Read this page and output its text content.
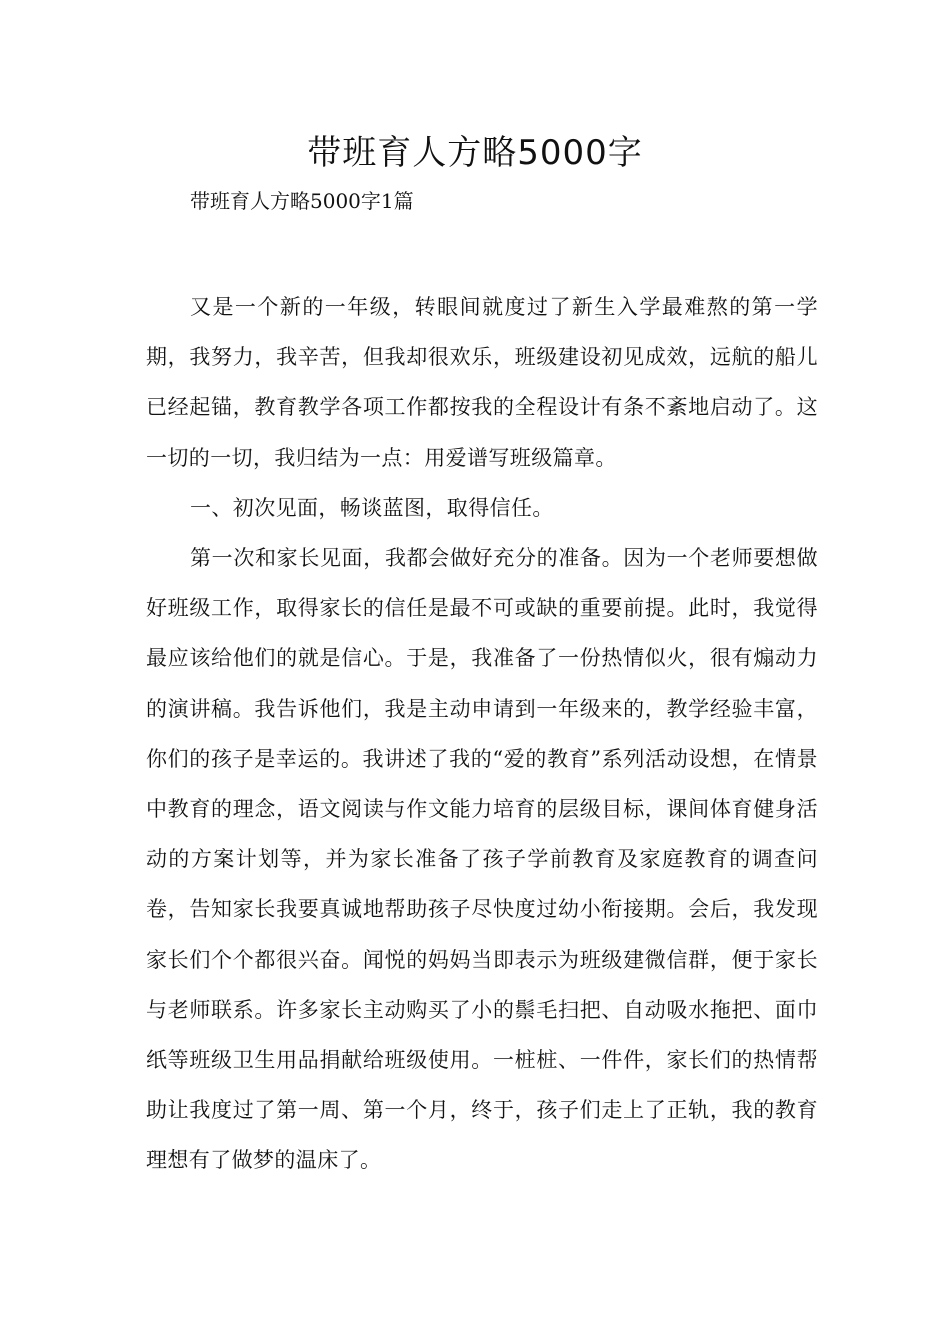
带班育人方略5000字

带班育人方略5000字1篇

又是一个新的一年级，转眼间就度过了新生入学最难熬的第一学期，我努力，我辛苦，但我却很欢乐，班级建设初见成效，远航的船儿已经起锚，教育教学各项工作都按我的全程设计有条不紊地启动了。这一切的一切，我归结为一点：用爱谱写班级篇章。

一、初次见面，畅谈蓝图，取得信任。

第一次和家长见面，我都会做好充分的准备。因为一个老师要想做好班级工作，取得家长的信任是最不可或缺的重要前提。此时，我觉得最应该给他们的就是信心。于是，我准备了一份热情似火，很有煽动力的演讲稿。我告诉他们，我是主动申请到一年级来的，教学经验丰富，你们的孩子是幸运的。我讲述了我的“爱的教育”系列活动设想，在情景中教育的理念，语文阅读与作文能力培育的层级目标，课间体育健身活动的方案计划等，并为家长准备了孩子学前教育及家庭教育的调查问卷，告知家长我要真诚地帮助孩子尽快度过幼小衔接期。会后，我发现家长们个个都很兴奋。闻悦的妈妈当即表示为班级建微信群，便于家长与老师联系。许多家长主动购买了小的鬃毛扫把、自动吸水拖把、面巾纸等班级卫生用品捐献给班级使用。一桩桩、一件件，家长们的热情帮助让我度过了第一周、第一个月，终于，孩子们走上了正轨，我的教育理想有了做梦的温床了。
